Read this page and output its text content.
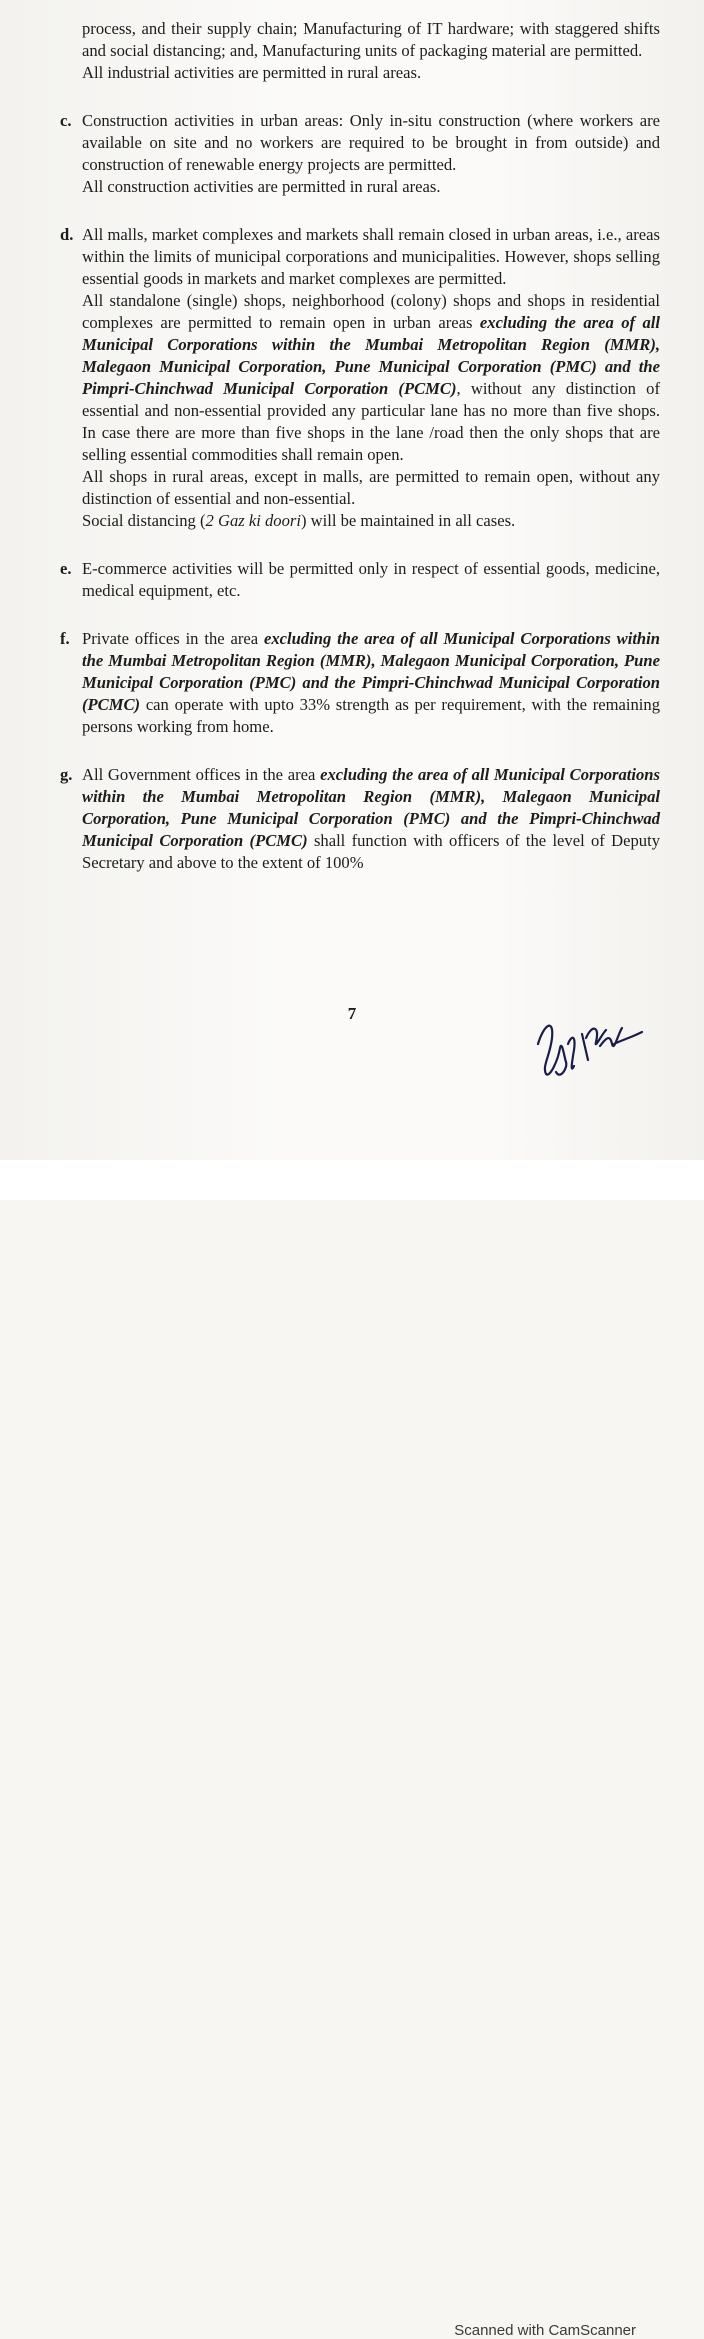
process, and their supply chain; Manufacturing of IT hardware; with staggered shifts and social distancing; and, Manufacturing units of packaging material are permitted.

All industrial activities are permitted in rural areas.

c. Construction activities in urban areas: Only in-situ construction (where workers are available on site and no workers are required to be brought in from outside) and construction of renewable energy projects are permitted.

All construction activities are permitted in rural areas.

d. All malls, market complexes and markets shall remain closed in urban areas, i.e., areas within the limits of municipal corporations and municipalities. However, shops selling essential goods in markets and market complexes are permitted.

All standalone (single) shops, neighborhood (colony) shops and shops in residential complexes are permitted to remain open in urban areas excluding the area of all Municipal Corporations within the Mumbai Metropolitan Region (MMR), Malegaon Municipal Corporation, Pune Municipal Corporation (PMC) and the Pimpri-Chinchwad Municipal Corporation (PCMC), without any distinction of essential and non-essential provided any particular lane has no more than five shops. In case there are more than five shops in the lane /road then the only shops that are selling essential commodities shall remain open.

All shops in rural areas, except in malls, are permitted to remain open, without any distinction of essential and non-essential.

Social distancing (2 Gaz ki doori) will be maintained in all cases.

e. E-commerce activities will be permitted only in respect of essential goods, medicine, medical equipment, etc.

f. Private offices in the area excluding the area of all Municipal Corporations within the Mumbai Metropolitan Region (MMR), Malegaon Municipal Corporation, Pune Municipal Corporation (PMC) and the Pimpri-Chinchwad Municipal Corporation (PCMC) can operate with upto 33% strength as per requirement, with the remaining persons working from home.

g. All Government offices in the area excluding the area of all Municipal Corporations within the Mumbai Metropolitan Region (MMR), Malegaon Municipal Corporation, Pune Municipal Corporation (PMC) and the Pimpri-Chinchwad Municipal Corporation (PCMC) shall function with officers of the level of Deputy Secretary and above to the extent of 100%

7
Scanned with CamScanner
